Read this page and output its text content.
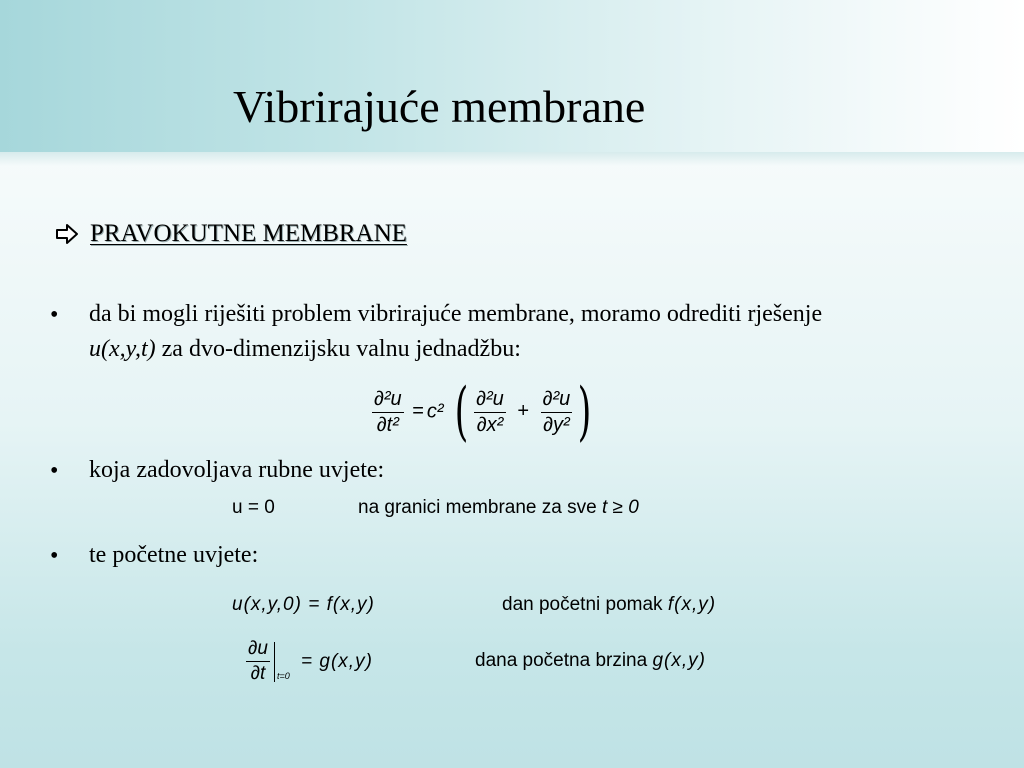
Vibrirajuće membrane
PRAVOKUTNE MEMBRANE
• da bi mogli riješiti problem vibrirajuće membrane, moramo odrediti rješenje
u(x,y,t) za dvo-dimenzijsku valnu jednadžbu:
$\frac{\text{∂²u}}{\text{∂t²}} = c^2$ ( $\frac{\text{∂²u}}{\text{∂x²}} + \frac{\text{∂²u}}{\text{∂y²}}$ )
• koja zadovoljava rubne uvjete:
u = 0	na granici membrane za sve t ≥ 0
• te početne uvjete:
u(x,y,0) = f(x,y)	dan početni pomak f(x,y)
$\frac{\partial u}{\partial t} _{t=0} = g(x,y)$	dana početna brzina g(x,y)
